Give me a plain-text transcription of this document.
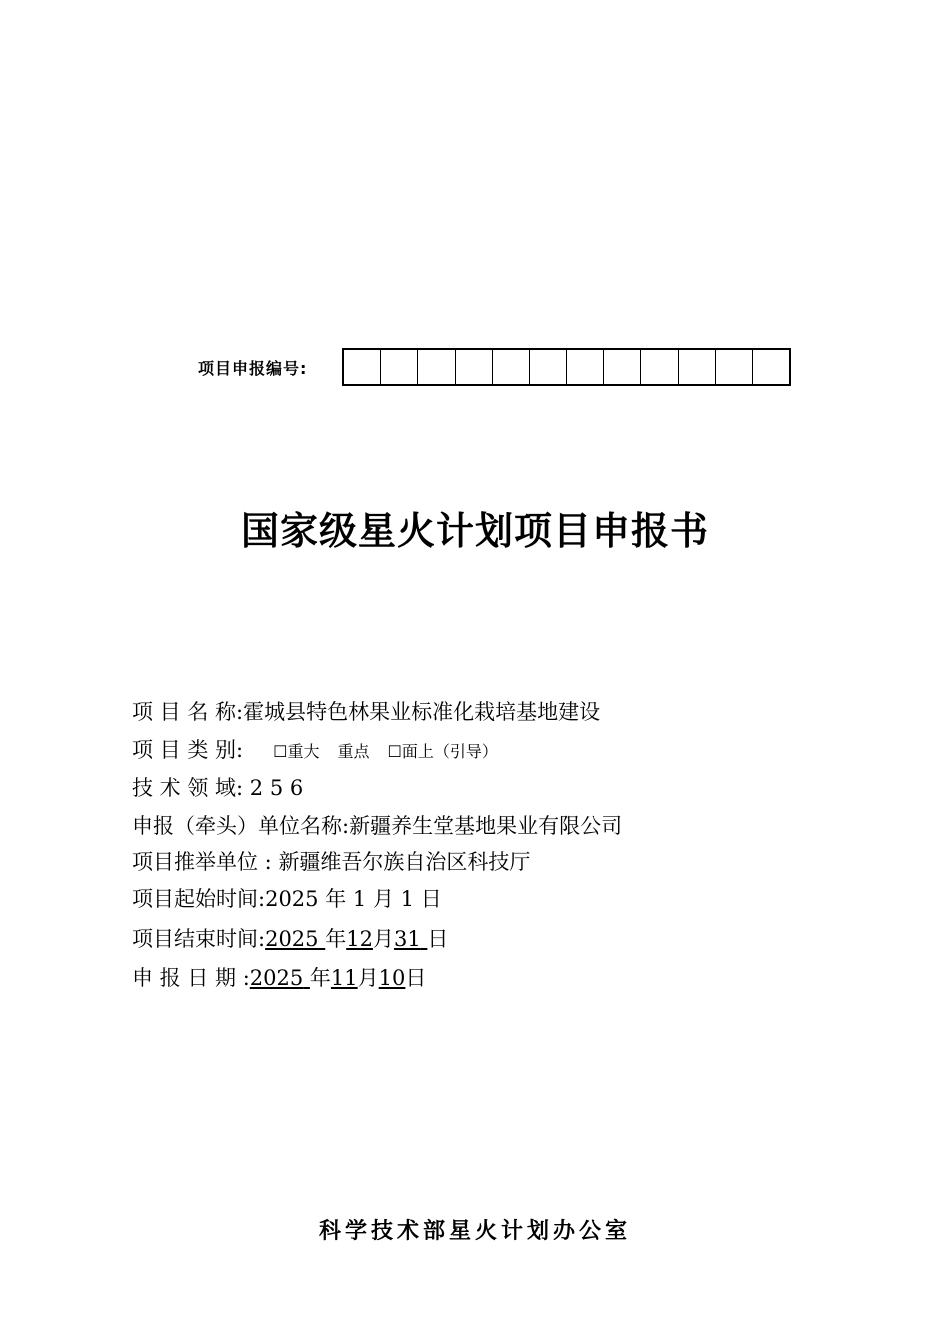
项目申报编号:
国家级星火计划项目申报书
项 目 名 称:霍城县特色林果业标准化栽培基地建设
项 目 类 别: ☐重大 重点 ☐面上（引导）
技 术 领 域: 2 5 6
申报（牵头）单位名称:新疆养生堂基地果业有限公司
项目推举单位 : 新疆维吾尔族自治区科技厅
项目起始时间:2025 年 1 月 1 日
项目结束时间:2025 年12月31 日
申 报 日 期 :2025 年11月10日
科学技术部星火计划办公室
